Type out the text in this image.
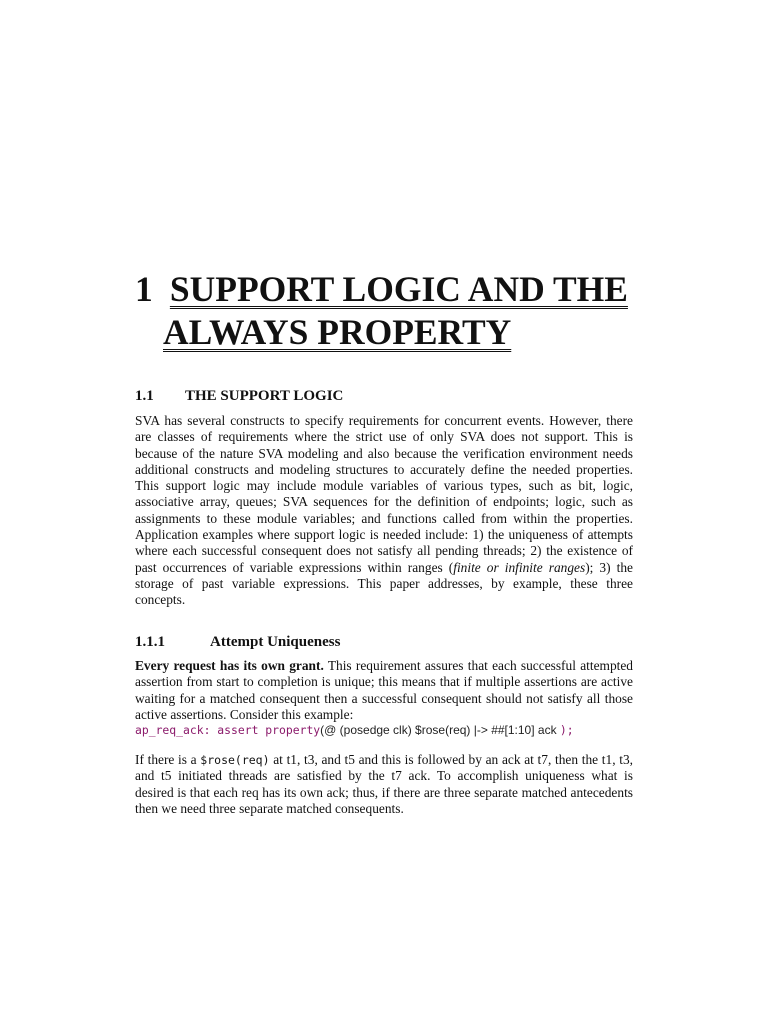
1 SUPPORT LOGIC AND THE
ALWAYS PROPERTY
1.1 THE SUPPORT LOGIC
SVA has several constructs to specify requirements for concurrent events. However, there
are classes of requirements where the strict use of only SVA does not support. This is
because of the nature SVA modeling and also because the verification environment needs
additional constructs and modeling structures to accurately define the needed properties.
This support logic may include module variables of various types, such as bit, logic,
associative array, queues; SVA sequences for the definition of endpoints; logic, such as
assignments to these module variables; and functions called from within the properties.
Application examples where support logic is needed include: 1) the uniqueness of attempts
where each successful consequent does not satisfy all pending threads; 2) the existence of
past occurrences of variable expressions within ranges (finite or infinite ranges); 3) the
storage of past variable expressions. This paper addresses, by example, these three
concepts.
1.1.1	Attempt Uniqueness
Every request has its own grant. This requirement assures that each successful attempted
assertion from start to completion is unique; this means that if multiple assertions are active
waiting for a matched consequent then a successful consequent should not satisfy all those
active assertions. Consider this example:
ap_req_ack: assert property(@ (posedge clk) $rose(req) |-> ##[1:10] ack );
If there is a $rose(req) at t1, t3, and t5 and this is followed by an ack at t7, then the t1, t3,
and t5 initiated threads are satisfied by the t7 ack. To accomplish uniqueness what is
desired is that each req has its own ack; thus, if there are three separate matched antecedents
then we need three separate matched consequents.
